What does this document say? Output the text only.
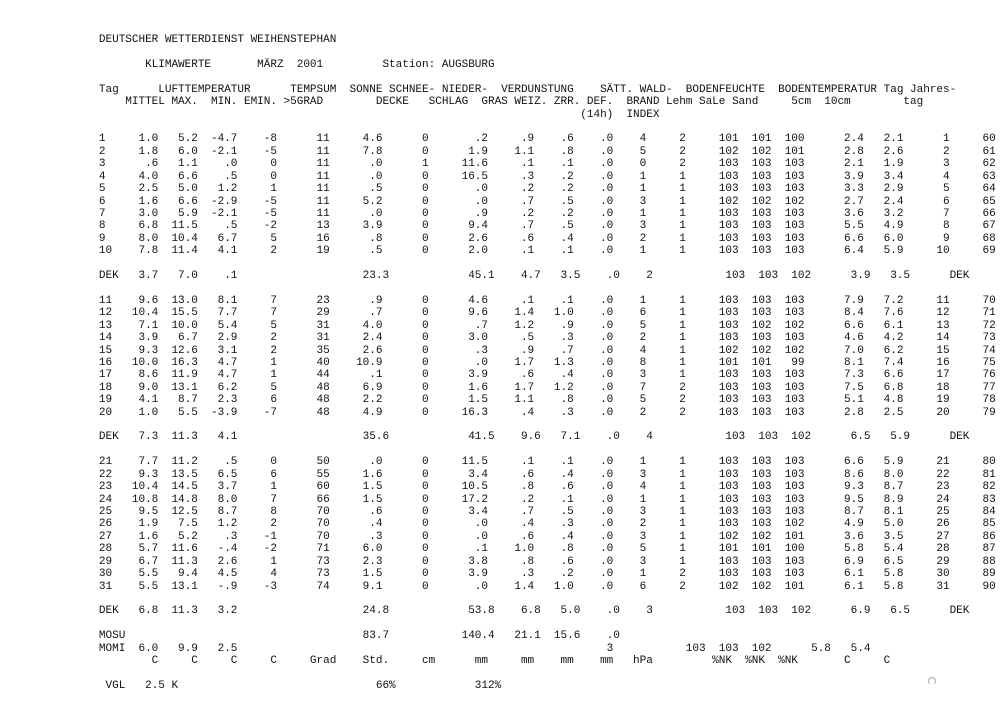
DEUTSCHER WETTERDIENST WEIHENSTEPHAN
KLIMAWERTE       MÄRZ  2001         Station: AUGSBURG
Tag      LUFTTEMPERATUR      TEMPSUM  SONNE SCHNEE- NIEDER-  VERDUNSTUNG    SÄTT. WALD-  BODENFEUCHTE  BODENTEMPERATUR Tag Jahres-
MITTEL MAX.  MIN. EMIN. >5GRAD        DECKE   SCHLAG  GRAS WEIZ. ZRR. DEF.  BRAND Lehm SaLe Sand     5cm  10cm        tag
(14h)  INDEX
1     1.0   5.2  -4.7    -8      11     4.6      0       .2     .9    .6    .0    4     2     101  101  100      2.4   2.1      1     60
2     1.8   6.0  -2.1    -5      11     7.8      0      1.9    1.1    .8    .0    5     2     102  102  101      2.8   2.6      2     61
3      .6   1.1    .0     0      11      .0      1     11.6     .1    .1    .0    0     2     103  103  103      2.1   1.9      3     62
4     4.0   6.6    .5     0      11      .0      0     16.5     .3    .2    .0    1     1     103  103  103      3.9   3.4      4     63
5     2.5   5.0   1.2     1      11      .5      0       .0     .2    .2    .0    1     1     103  103  103      3.3   2.9      5     64
6     1.6   6.6  -2.9    -5      11     5.2      0       .0     .7    .5    .0    3     1     102  102  102      2.7   2.4      6     65
7     3.0   5.9  -2.1    -5      11      .0      0       .9     .2    .2    .0    1     1     103  103  103      3.6   3.2      7     66
8     6.8  11.5    .5    -2      13     3.9      0      9.4     .7    .5    .0    3     1     103  103  103      5.5   4.9      8     67
9     8.0  10.4   6.7     5      16      .8      0      2.6     .6    .4    .0    2     1     103  103  103      6.6   6.0      9     68
10    7.8  11.4   4.1     2      19      .5      0      2.0     .1    .1    .0    1     1     103  103  103      6.4   5.9     10     69
DEK   3.7   7.0    .1                   23.3            45.1    4.7   3.5    .0    2           103  103  102      3.9   3.5      DEK
11    9.6  13.0   8.1     7      23      .9      0      4.6     .1    .1    .0    1     1     103  103  103      7.9   7.2     11     70
12   10.4  15.5   7.7     7      29      .7      0      9.6    1.4   1.0    .0    6     1     103  103  103      8.4   7.6     12     71
13    7.1  10.0   5.4     5      31     4.0      0       .7    1.2    .9    .0    5     1     103  102  102      6.6   6.1     13     72
14    3.9   6.7   2.9     2      31     2.4      0      3.0     .5    .3    .0    2     1     103  103  103      4.6   4.2     14     73
15    9.3  12.6   3.1     2      35     2.6      0       .3     .9    .7    .0    4     1     102  102  102      7.0   6.2     15     74
16   10.0  16.3   4.7     1      40    10.9      0       .0    1.7   1.3    .0    8     1     101  101   99      8.1   7.4     16     75
17    8.6  11.9   4.7     1      44      .1      0      3.9     .6    .4    .0    3     1     103  103  103      7.3   6.6     17     76
18    9.0  13.1   6.2     5      48     6.9      0      1.6    1.7   1.2    .0    7     2     103  103  103      7.5   6.8     18     77
19    4.1   8.7   2.3     6      48     2.2      0      1.5    1.1    .8    .0    5     2     103  103  103      5.1   4.8     19     78
20    1.0   5.5  -3.9    -7      48     4.9      0     16.3     .4    .3    .0    2     2     103  103  103      2.8   2.5     20     79
DEK   7.3  11.3   4.1                   35.6            41.5    9.6   7.1    .0    4           103  103  102      6.5   5.9      DEK
21    7.7  11.2    .5     0      50      .0      0     11.5     .1    .1    .0    1     1     103  103  103      6.6   5.9     21     80
22    9.3  13.5   6.5     6      55     1.6      0      3.4     .6    .4    .0    3     1     103  103  103      8.6   8.0     22     81
23   10.4  14.5   3.7     1      60     1.5      0     10.5     .8    .6    .0    4     1     103  103  103      9.3   8.7     23     82
24   10.8  14.8   8.0     7      66     1.5      0     17.2     .2    .1    .0    1     1     103  103  103      9.5   8.9     24     83
25    9.5  12.5   8.7     8      70      .6      0      3.4     .7    .5    .0    3     1     103  103  103      8.7   8.1     25     84
26    1.9   7.5   1.2     2      70      .4      0       .0     .4    .3    .0    2     1     103  103  102      4.9   5.0     26     85
27    1.6   5.2    .3    -1      70      .3      0       .0     .6    .4    .0    3     1     102  102  101      3.6   3.5     27     86
28    5.7  11.6   -.4    -2      71     6.0      0       .1    1.0    .8    .0    5     1     101  101  100      5.8   5.4     28     87
29    6.7  11.3   2.6     1      73     2.3      0      3.8     .8    .6    .0    3     1     103  103  103      6.9   6.5     29     88
30    5.5   9.4   4.5     4      73     1.5      0      3.9     .3    .2    .0    1     2     103  103  103      6.1   5.8     30     89
31    5.5  13.1   -.9    -3      74     9.1      0       .0    1.4   1.0    .0    6     2     102  102  101      6.1   5.8     31     90
DEK   6.8  11.3   3.2                   24.8            53.8    6.8   5.0    .0    3           103  103  102      6.9   6.5      DEK
MOSU                                    83.7           140.4   21.1  15.6    .0
MOMI  6.0   9.9   2.5                                                        3           103  103  102      5.8   5.4
C     C     C     C     Grad    Std.     cm      mm     mm    mm    mm   hPa         %NK  %NK  %NK       C     C
VGL   2.5 K                              66%            312%
